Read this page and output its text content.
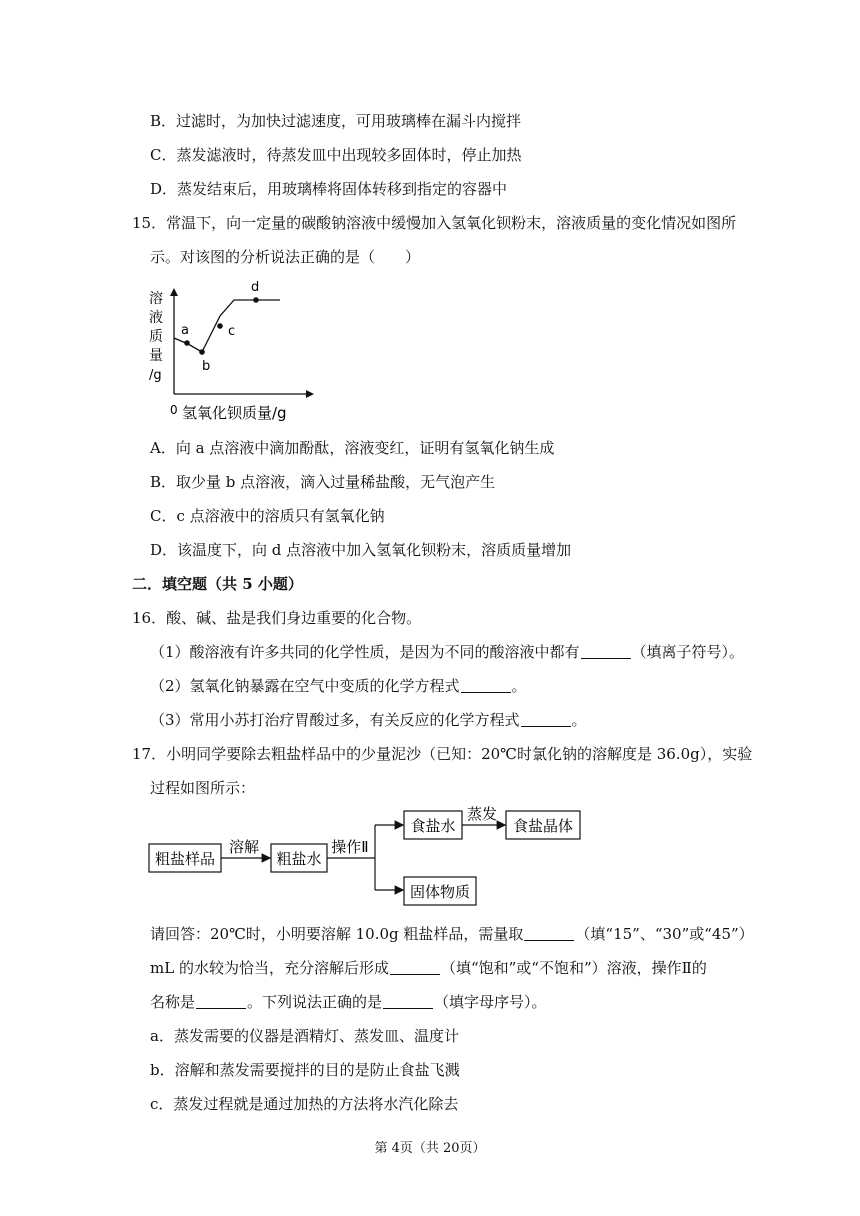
B．过滤时，为加快过滤速度，可用玻璃棒在漏斗内搅拌
C．蒸发滤液时，待蒸发皿中出现较多固体时，停止加热
D．蒸发结束后，用玻璃棒将固体转移到指定的容器中
15．常温下，向一定量的碳酸钠溶液中缓慢加入氢氧化钡粉末，溶液质量的变化情况如图所
示。对该图的分析说法正确的是（　　）
溶
液
质
量
/g
a
b
c
d
0 氢氧化钡质量/g
A．向 a 点溶液中滴加酚酞，溶液变红，证明有氢氧化钠生成
B．取少量 b 点溶液，滴入过量稀盐酸，无气泡产生
C．c 点溶液中的溶质只有氢氧化钠
D．该温度下，向 d 点溶液中加入氢氧化钡粉末，溶质质量增加
二．填空题（共 5 小题）
16．酸、碱、盐是我们身边重要的化合物。
（1）酸溶液有许多共同的化学性质，是因为不同的酸溶液中都有	（填离子符号）。
（2）氢氧化钠暴露在空气中变质的化学方程式	。
（3）常用小苏打治疗胃酸过多，有关反应的化学方程式	。
17．小明同学要除去粗盐样品中的少量泥沙（已知：20℃时氯化钠的溶解度是 36.0g），实验
过程如图所示：
粗盐样品
溶解
粗盐水
操作Ⅱ
食盐水
蒸发
食盐晶体
固体物质
请回答：20℃时，小明要溶解 10.0g 粗盐样品，需量取	（填“15”、“30”或“45”）
mL 的水较为恰当，充分溶解后形成	（填“饱和”或“不饱和”）溶液，操作Ⅱ的
名称是	。下列说法正确的是	（填字母序号）。
a．蒸发需要的仪器是酒精灯、蒸发皿、温度计
b．溶解和蒸发需要搅拌的目的是防止食盐飞溅
c．蒸发过程就是通过加热的方法将水汽化除去
第 4页（共 20页）
